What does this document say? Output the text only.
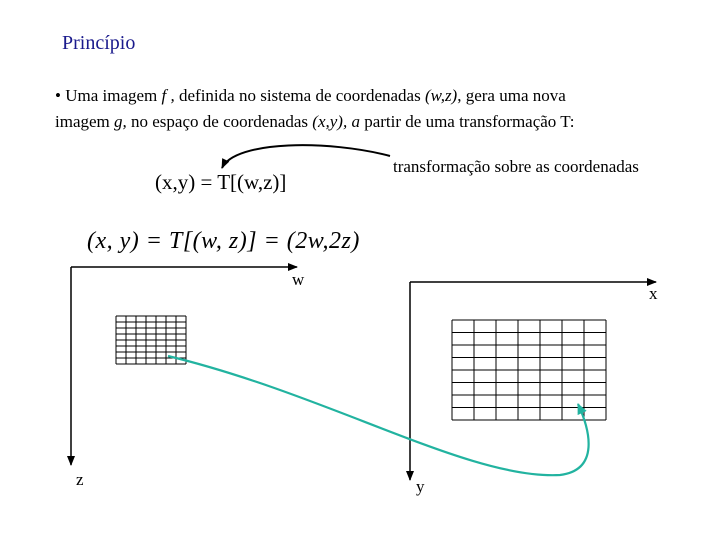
Princípio
• Uma imagem f , definida no sistema de coordenadas (w,z), gera uma nova
imagem g, no espaço de coordenadas (x,y), a partir de uma transformação T:
(x,y) = T[(w,z)]
transformação sobre as coordenadas
(x, y) = T[(w, z)] = (2w,2z)
w
z
x
y
